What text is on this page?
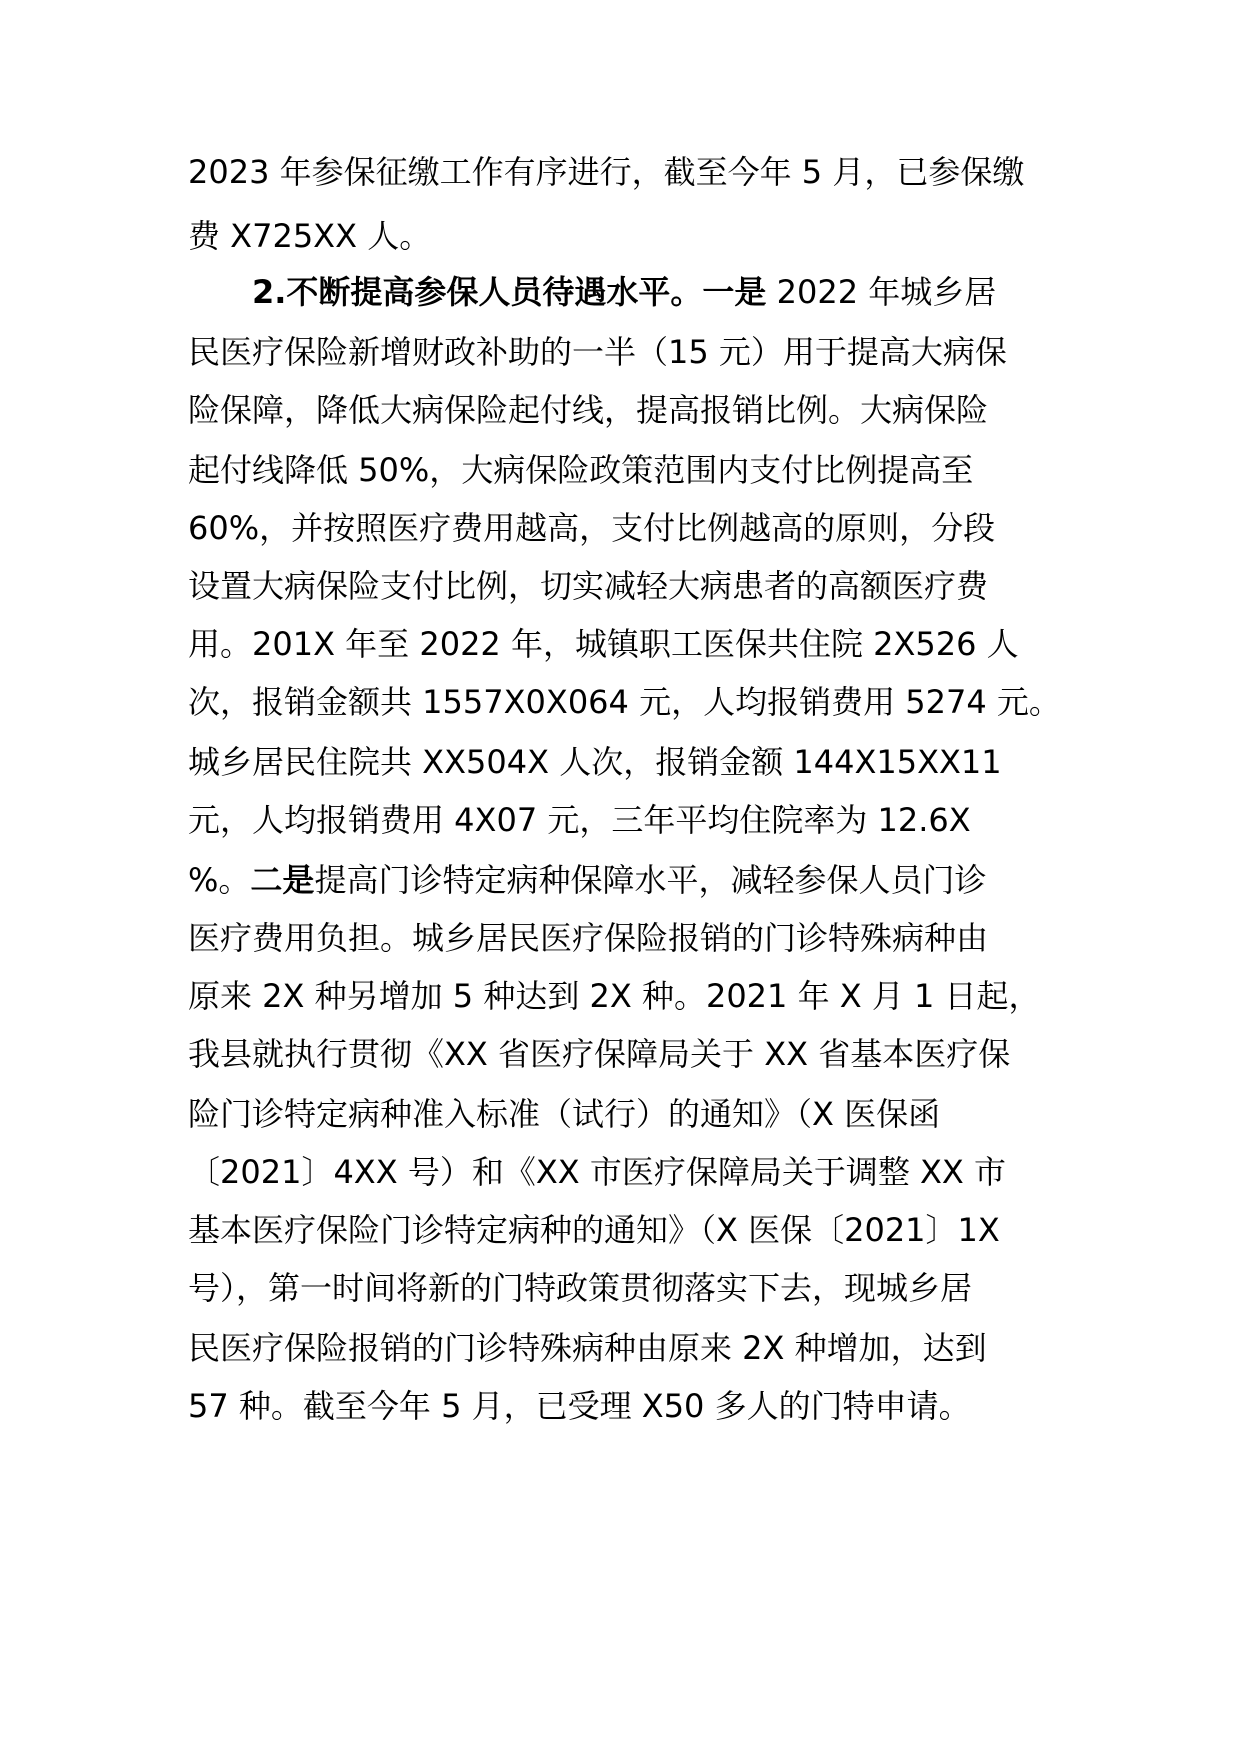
2023 年参保征缴工作有序进行，截至今年 5 月，已参保缴
费 X725XX 人。
2.不断提高参保人员待遇水平。一是 2022 年城乡居
民医疗保险新增财政补助的一半（15 元）用于提高大病保
险保障，降低大病保险起付线，提高报销比例。大病保险
起付线降低 50%，大病保险政策范围内支付比例提高至
60%，并按照医疗费用越高，支付比例越高的原则，分段
设置大病保险支付比例，切实减轻大病患者的高额医疗费
用。201X 年至 2022 年，城镇职工医保共住院 2X526 人
次，报销金额共 1557X0X064 元，人均报销费用 5274 元。
城乡居民住院共 XX504X 人次，报销金额 144X15XX11
元，人均报销费用 4X07 元，三年平均住院率为 12.6X
%。二是提高门诊特定病种保障水平，减轻参保人员门诊
医疗费用负担。城乡居民医疗保险报销的门诊特殊病种由
原来 2X 种另增加 5 种达到 2X 种。2021 年 X 月 1 日起，
我县就执行贯彻《XX 省医疗保障局关于 XX 省基本医疗保
险门诊特定病种准入标准（试行）的通知》（X 医保函
〔2021〕4XX 号）和《XX 市医疗保障局关于调整 XX 市
基本医疗保险门诊特定病种的通知》（X 医保〔2021〕1X
号），第一时间将新的门特政策贯彻落实下去，现城乡居
民医疗保险报销的门诊特殊病种由原来 2X 种增加，达到
57 种。截至今年 5 月，已受理 X50 多人的门特申请。
